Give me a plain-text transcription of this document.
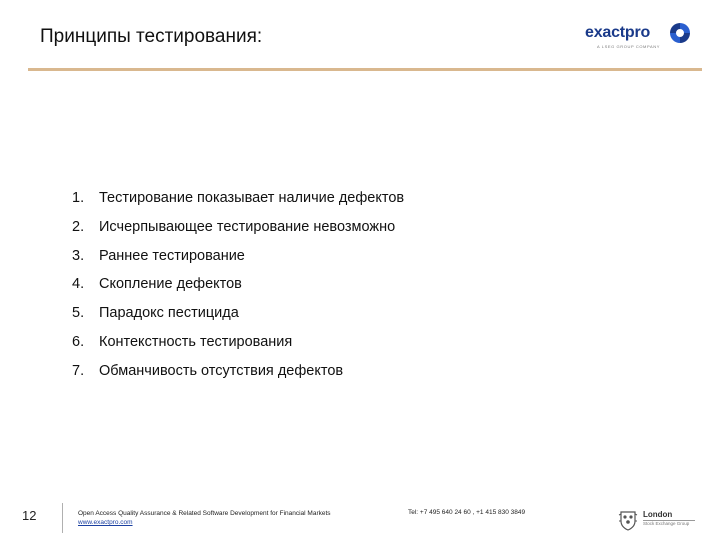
Принципы тестирования:	exactpro
A LSEG GROUP COMPANY
1. Тестирование показывает наличие дефектов
2. Исчерпывающее тестирование невозможно
3. Раннее тестирование
4. Скопление дефектов
5. Парадокс пестицида
6. Контекстность тестирования
7. Обманчивость отсутствия дефектов
12	Open Access Quality Assurance & Related Software Development for Financial Markets
www.exactpro.com
Tel: +7 495 640 24 60 , +1 415 830 3849	London
Stock Exchange Group
